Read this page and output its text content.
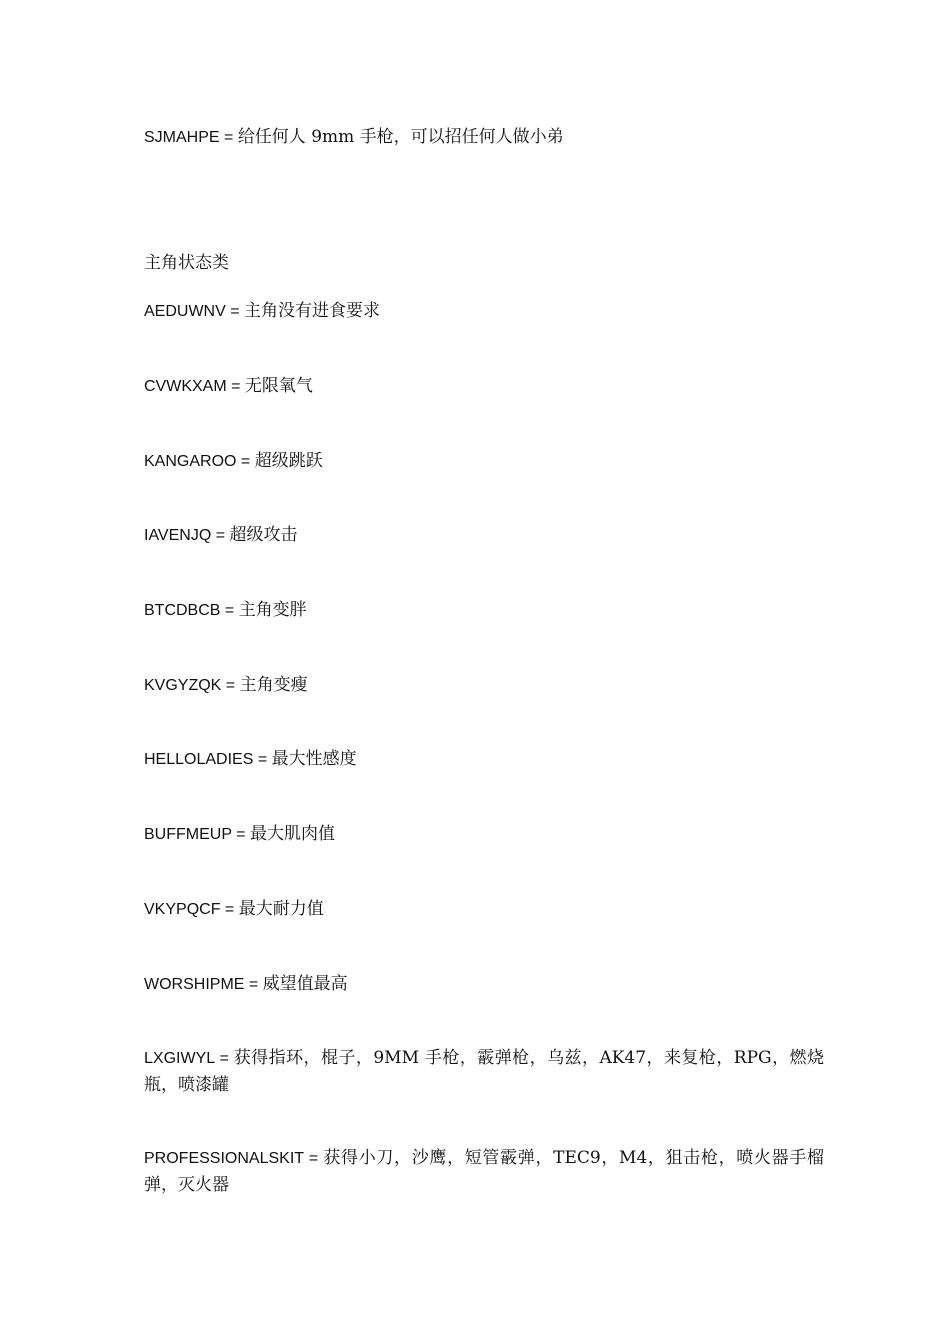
SJMAHPE = 给任何人 9mm 手枪，可以招任何人做小弟
主角状态类
AEDUWNV = 主角没有进食要求
CVWKXAM = 无限氧气
KANGAROO = 超级跳跃
IAVENJQ = 超级攻击
BTCDBCB = 主角变胖
KVGYZQK = 主角变瘦
HELLOLADIES = 最大性感度
BUFFMEUP = 最大肌肉值
VKYPQCF = 最大耐力值
WORSHIPME = 威望值最高
LXGIWYL = 获得指环，棍子，9MM 手枪，霰弹枪，乌兹，AK47，来复枪，RPG，燃烧瓶，喷漆罐
PROFESSIONALSKIT = 获得小刀，沙鹰，短管霰弹，TEC9，M4，狙击枪，喷火器手榴弹，灭火器
